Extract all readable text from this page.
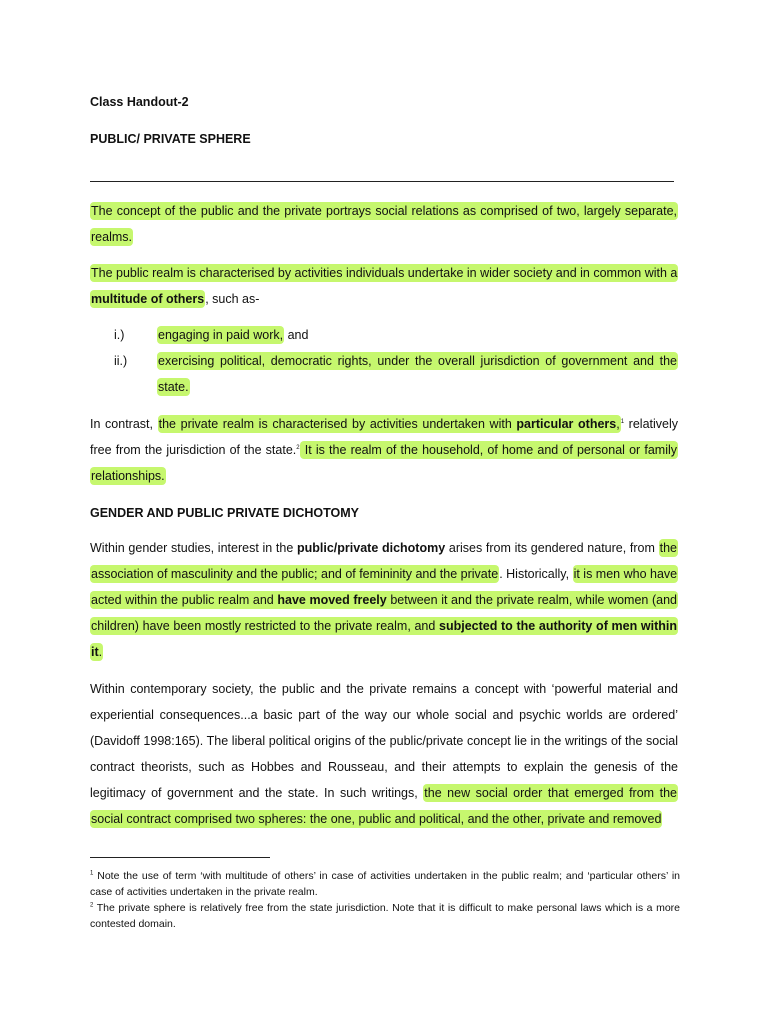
Class Handout-2
PUBLIC/ PRIVATE SPHERE
The concept of the public and the private portrays social relations as comprised of two, largely separate, realms.
The public realm is characterised by activities individuals undertake in wider society and in common with a multitude of others, such as-
i.)	engaging in paid work, and
ii.) exercising political, democratic rights, under the overall jurisdiction of government and the state.
In contrast, the private realm is characterised by activities undertaken with particular others,$^1$ relatively free from the jurisdiction of the state.$^2$ It is the realm of the household, of home and of personal or family relationships.
GENDER AND PUBLIC PRIVATE DICHOTOMY
Within gender studies, interest in the public/private dichotomy arises from its gendered nature, from the association of masculinity and the public; and of femininity and the private. Historically, it is men who have acted within the public realm and have moved freely between it and the private realm, while women (and children) have been mostly restricted to the private realm, and subjected to the authority of men within it.
Within contemporary society, the public and the private remains a concept with ‘powerful material and experiential consequences...a basic part of the way our whole social and psychic worlds are ordered’ (Davidoff 1998:165). The liberal political origins of the public/private concept lie in the writings of the social contract theorists, such as Hobbes and Rousseau, and their attempts to explain the genesis of the legitimacy of government and the state. In such writings, the new social order that emerged from the social contract comprised two spheres: the one, public and political, and the other, private and removed
$^1$ Note the use of term ‘with multitude of others’ in case of activities undertaken in the public realm; and ‘particular others’ in case of activities undertaken in the private realm.
$^2$ The private sphere is relatively free from the state jurisdiction. Note that it is difficult to make personal laws which is a more contested domain.
